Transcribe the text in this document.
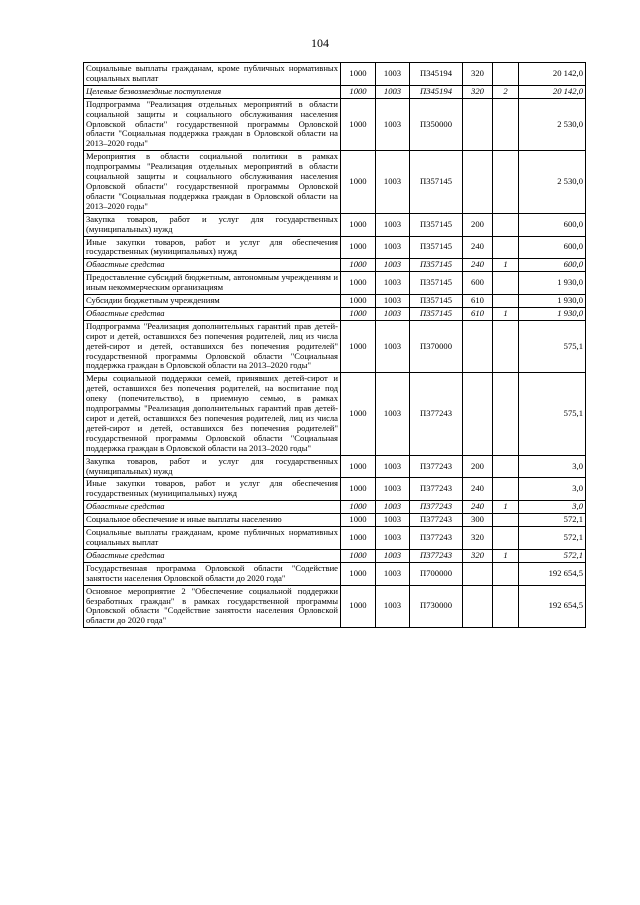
104
Социальные выплаты гражданам, кроме публичных нормативных социальных выплат	1000	1003	П345194	320		20 142,0
Целевые безвозмездные поступления	1000	1003	П345194	320	2	20 142,0
Подпрограмма "Реализация отдельных мероприятий в области социальной защиты и социального обслуживания населения Орловской области" государственной программы Орловской области "Социальная поддержка граждан в Орловской области на 2013–2020 годы"	1000	1003	П350000			2 530,0
Мероприятия в области социальной политики в рамках подпрограммы "Реализация отдельных мероприятий в области социальной защиты и социального обслуживания населения Орловской области" государственной программы Орловской области "Социальная поддержка граждан в Орловской области на 2013–2020 годы"	1000	1003	П357145			2 530,0
Закупка товаров, работ и услуг для государственных (муниципальных) нужд	1000	1003	П357145	200		600,0
Иные закупки товаров, работ и услуг для обеспечения государственных (муниципальных) нужд	1000	1003	П357145	240		600,0
Областные средства	1000	1003	П357145	240	1	600,0
Предоставление субсидий бюджетным, автономным учреждениям и иным некоммерческим организациям	1000	1003	П357145	600		1 930,0
Субсидии бюджетным учреждениям	1000	1003	П357145	610		1 930,0
Областные средства	1000	1003	П357145	610	1	1 930,0
Подпрограмма "Реализация дополнительных гарантий прав детей-сирот и детей, оставшихся без попечения родителей, лиц из числа детей-сирот и детей, оставшихся без попечения родителей" государственной программы Орловской области "Социальная поддержка граждан в Орловской области на 2013–2020 годы"	1000	1003	П370000			575,1
Меры социальной поддержки семей, принявших детей-сирот и детей, оставшихся без попечения родителей, на воспитание под опеку (попечительство), в приемную семью, в рамках подпрограммы "Реализация дополнительных гарантий прав детей-сирот и детей, оставшихся без попечения родителей, лиц из числа детей-сирот и детей, оставшихся без попечения родителей" государственной программы Орловской области "Социальная поддержка граждан в Орловской области на 2013–2020 годы"	1000	1003	П377243			575,1
Закупка товаров, работ и услуг для государственных (муниципальных) нужд	1000	1003	П377243	200		3,0
Иные закупки товаров, работ и услуг для обеспечения государственных (муниципальных) нужд	1000	1003	П377243	240		3,0
Областные средства	1000	1003	П377243	240	1	3,0
Социальное обеспечение и иные выплаты населению	1000	1003	П377243	300		572,1
Социальные выплаты гражданам, кроме публичных нормативных социальных выплат	1000	1003	П377243	320		572,1
Областные средства	1000	1003	П377243	320	1	572,1
Государственная программа Орловской области "Содействие занятости населения Орловской области до 2020 года"	1000	1003	П700000			192 654,5
Основное мероприятие 2 "Обеспечение социальной поддержки безработных граждан" в рамках государственной программы Орловской области "Содействие занятости населения Орловской области до 2020 года"	1000	1003	П730000			192 654,5
